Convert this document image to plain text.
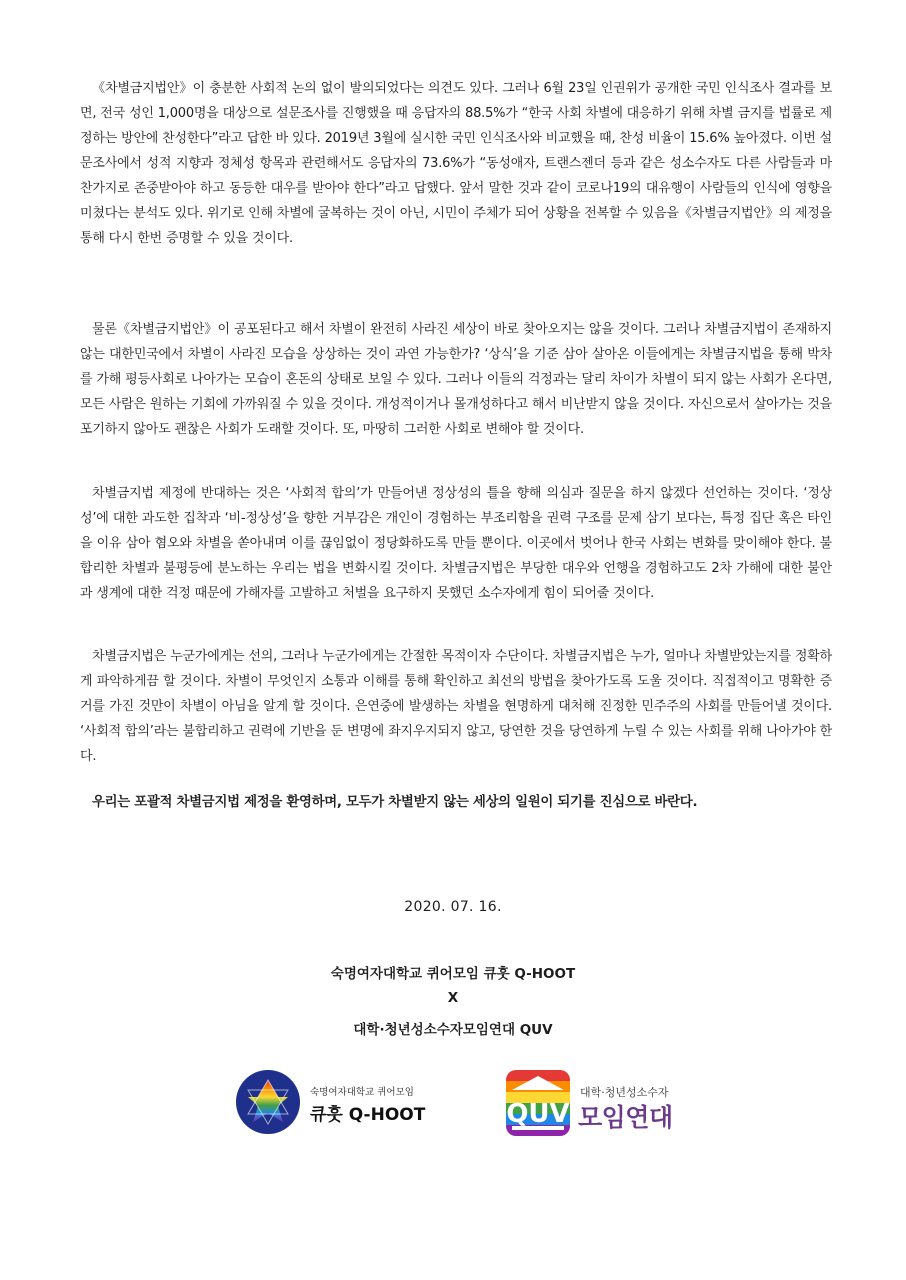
《차별금지법안》이 충분한 사회적 논의 없이 발의되었다는 의견도 있다. 그러나 6월 23일 인권위가 공개한 국민 인식조사 결과를 보면, 전국 성인 1,000명을 대상으로 설문조사를 진행했을 때 응답자의 88.5%가 “한국 사회 차별에 대응하기 위해 차별 금지를 법률로 제정하는 방안에 찬성한다”라고 답한 바 있다. 2019년 3월에 실시한 국민 인식조사와 비교했을 때, 찬성 비율이 15.6% 높아졌다. 이번 설문조사에서 성적 지향과 정체성 항목과 관련해서도 응답자의 73.6%가 “동성애자, 트랜스젠더 등과 같은 성소수자도 다른 사람들과 마찬가지로 존중받아야 하고 동등한 대우를 받아야 한다”라고 답했다. 앞서 말한 것과 같이 코로나19의 대유행이 사람들의 인식에 영향을 미쳤다는 분석도 있다. 위기로 인해 차별에 굴복하는 것이 아닌, 시민이 주체가 되어 상황을 전복할 수 있음을《차별금지법안》의 제정을 통해 다시 한번 증명할 수 있을 것이다.

물론《차별금지법안》이 공포된다고 해서 차별이 완전히 사라진 세상이 바로 찾아오지는 않을 것이다. 그러나 차별금지법이 존재하지 않는 대한민국에서 차별이 사라진 모습을 상상하는 것이 과연 가능한가? ‘상식’을 기준 삼아 살아온 이들에게는 차별금지법을 통해 박차를 가해 평등사회로 나아가는 모습이 혼돈의 상태로 보일 수 있다. 그러나 이들의 걱정과는 달리 차이가 차별이 되지 않는 사회가 온다면, 모든 사람은 원하는 기회에 가까워질 수 있을 것이다. 개성적이거나 몰개성하다고 해서 비난받지 않을 것이다. 자신으로서 살아가는 것을 포기하지 않아도 괜찮은 사회가 도래할 것이다. 또, 마땅히 그러한 사회로 변해야 할 것이다.

차별금지법 제정에 반대하는 것은 ‘사회적 합의’가 만들어낸 정상성의 틀을 향해 의심과 질문을 하지 않겠다 선언하는 것이다. ‘정상성’에 대한 과도한 집착과 ‘비-정상성’을 향한 거부감은 개인이 경험하는 부조리함을 권력 구조를 문제 삼기 보다는, 특정 집단 혹은 타인을 이유 삼아 혐오와 차별을 쏟아내며 이를 끊임없이 정당화하도록 만들 뿐이다. 이곳에서 벗어나 한국 사회는 변화를 맞이해야 한다. 불합리한 차별과 불평등에 분노하는 우리는 법을 변화시킬 것이다. 차별금지법은 부당한 대우와 언행을 경험하고도 2차 가해에 대한 불안과 생계에 대한 걱정 때문에 가해자를 고발하고 처벌을 요구하지 못했던 소수자에게 힘이 되어줄 것이다.

차별금지법은 누군가에게는 선의, 그러나 누군가에게는 간절한 목적이자 수단이다. 차별금지법은 누가, 얼마나 차별받았는지를 정확하게 파악하게끔 할 것이다. 차별이 무엇인지 소통과 이해를 통해 확인하고 최선의 방법을 찾아가도록 도울 것이다. 직접적이고 명확한 증거를 가진 것만이 차별이 아님을 알게 할 것이다. 은연중에 발생하는 차별을 현명하게 대처해 진정한 민주주의 사회를 만들어낼 것이다. ‘사회적 합의’라는 불합리하고 권력에 기반을 둔 변명에 좌지우지되지 않고, 당연한 것을 당연하게 누릴 수 있는 사회를 위해 나아가야 한다.

우리는 포괄적 차별금지법 제정을 환영하며, 모두가 차별받지 않는 세상의 일원이 되기를 진심으로 바란다.

2020. 07. 16.
숙명여자대학교 퀴어모임 큐훗 Q-HOOT
X
대학·청년성소수자모임연대 QUV
숙명여자대학교 퀴어모임
큐훗 Q-HOOT	QUV
대학·청년성소수자
모임연대
